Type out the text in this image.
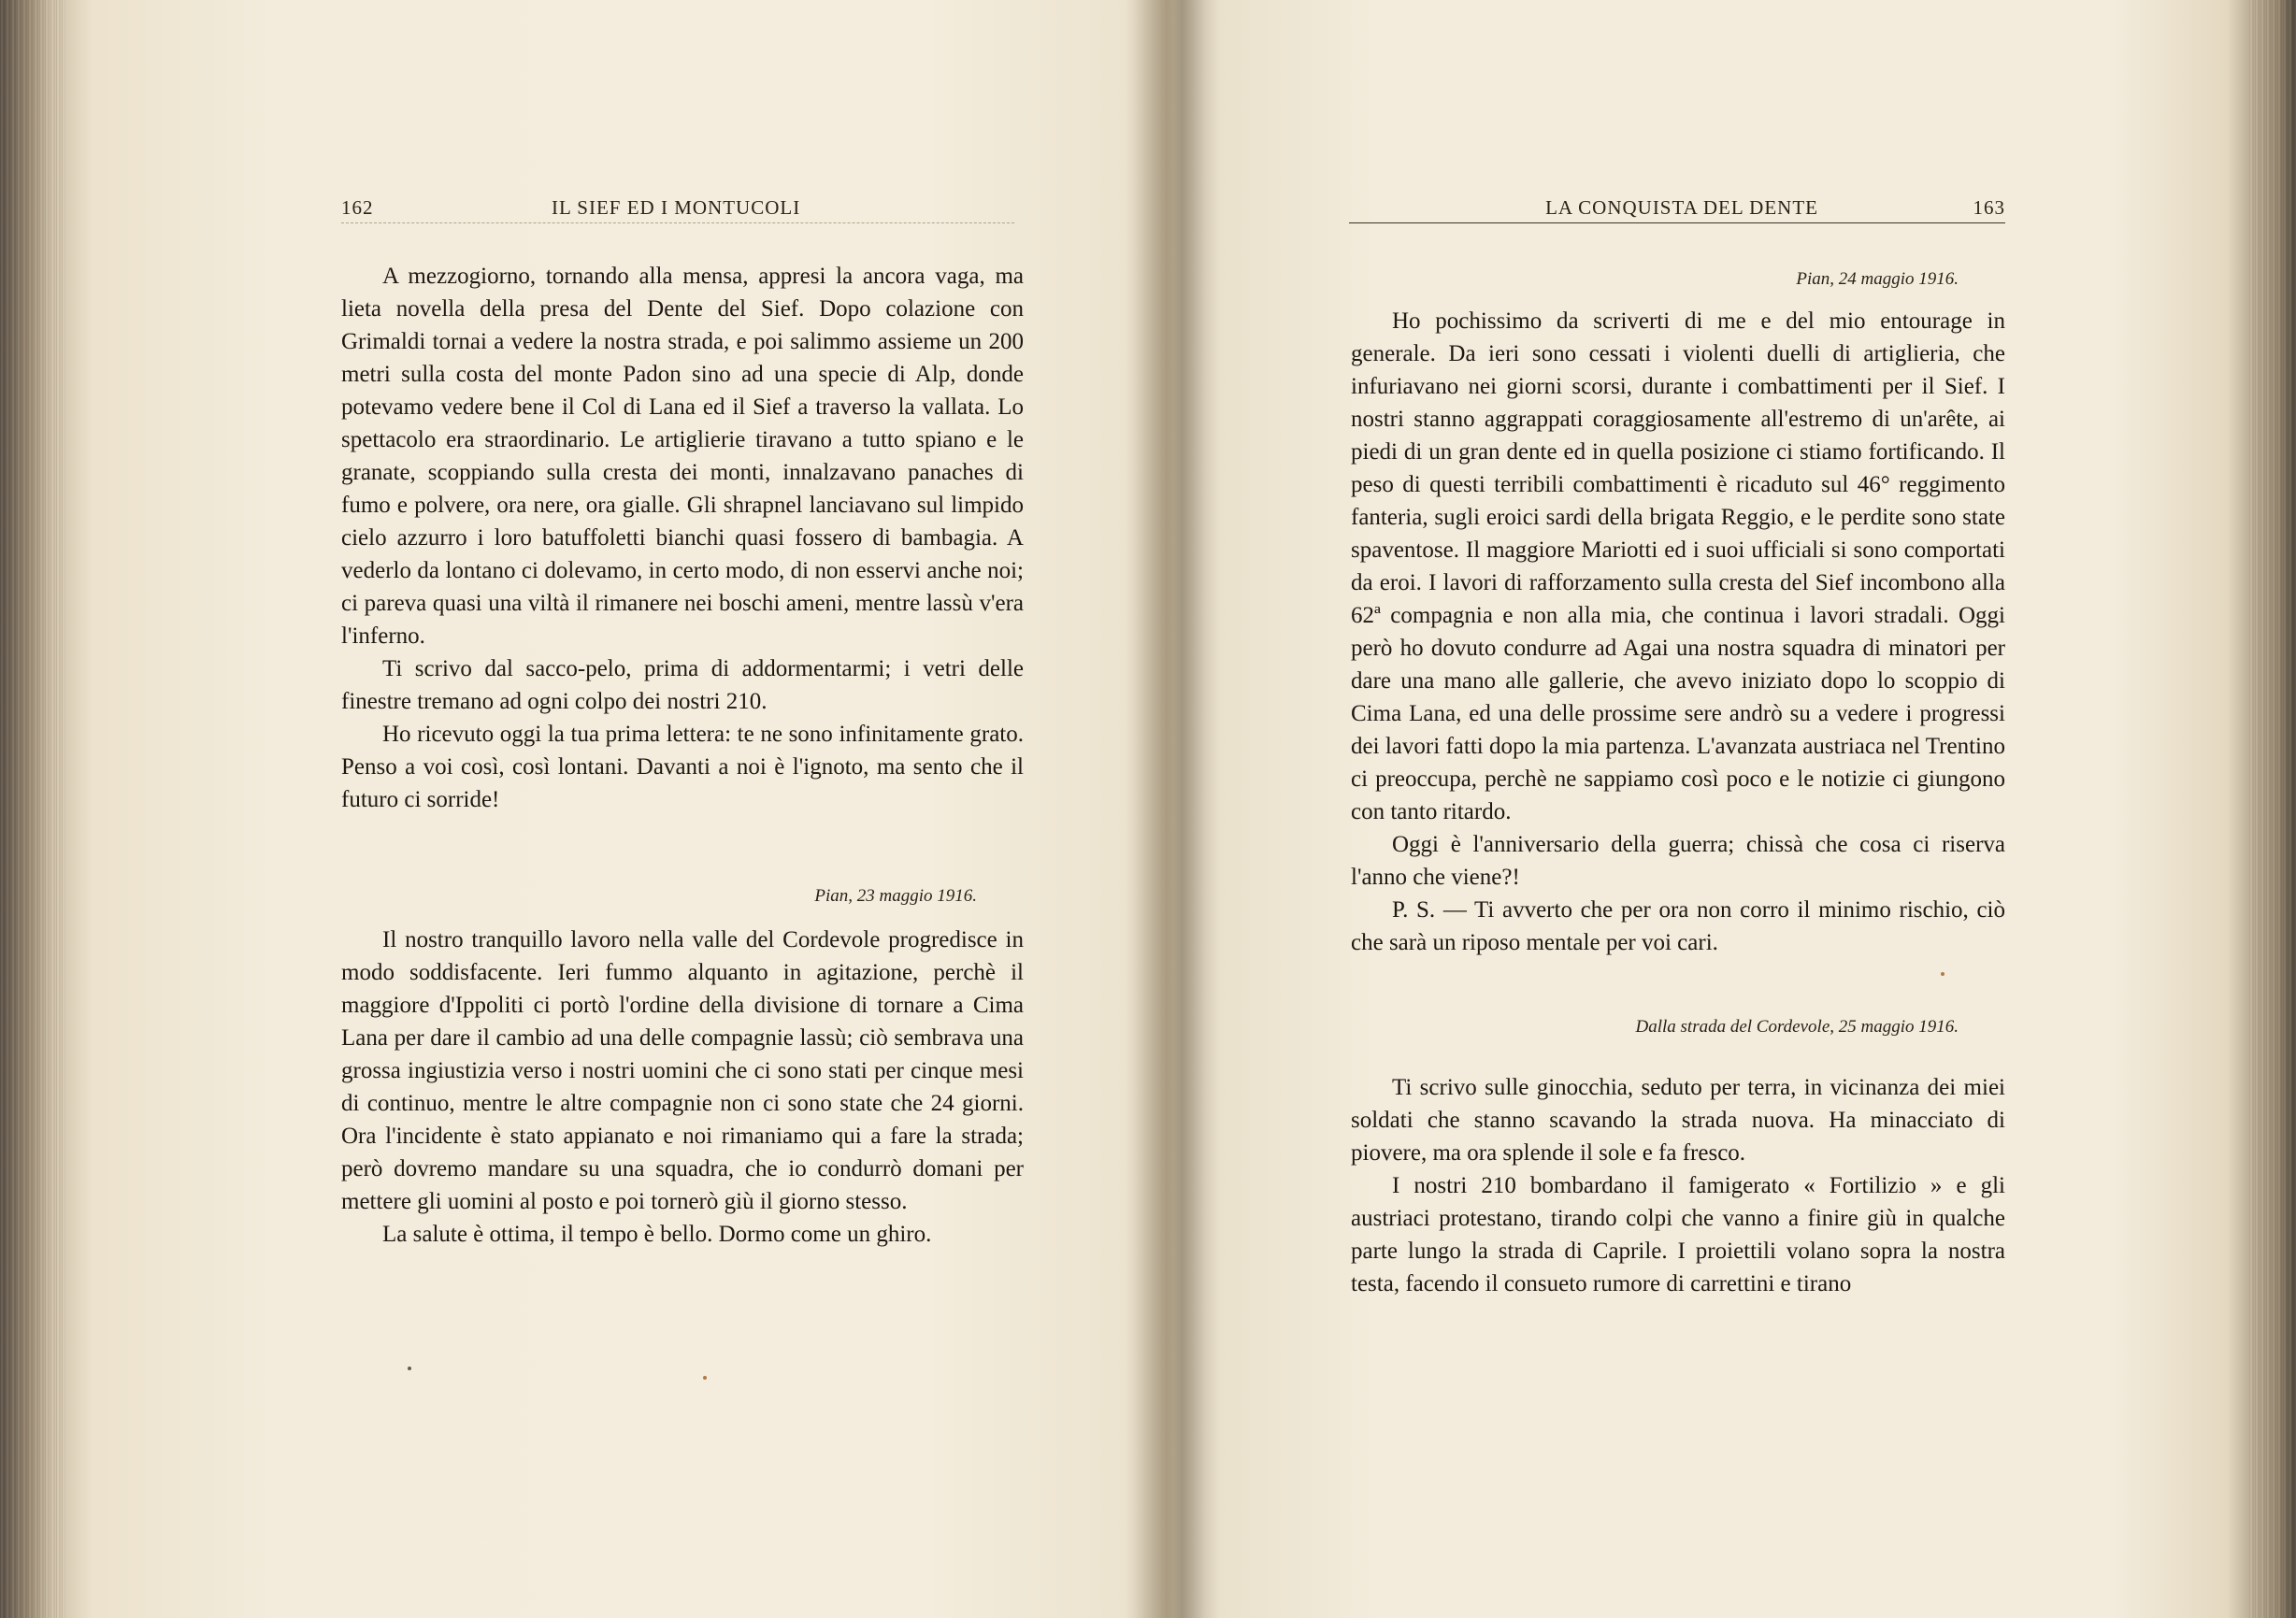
162	IL SIEF ED I MONTUCOLI

A mezzogiorno, tornando alla mensa, appresi la ancora vaga, ma lieta novella della presa del Dente del Sief. Dopo colazione con Grimaldi tornai a vedere la nostra strada, e poi salimmo assieme un 200 metri sulla costa del monte Padon sino ad una specie di Alp, donde potevamo vedere bene il Col di Lana ed il Sief a traverso la vallata. Lo spettacolo era straordinario. Le artiglierie tiravano a tutto spiano e le granate, scoppiando sulla cresta dei monti, innalzavano panaches di fumo e polvere, ora nere, ora gialle. Gli shrapnel lanciavano sul limpido cielo azzurro i loro batuffoletti bianchi quasi fossero di bambagia. A vederlo da lontano ci dolevamo, in certo modo, di non esservi anche noi; ci pareva quasi una viltà il rimanere nei boschi ameni, mentre lassù v'era l'inferno.

Ti scrivo dal sacco-pelo, prima di addormentarmi; i vetri delle finestre tremano ad ogni colpo dei nostri 210.

Ho ricevuto oggi la tua prima lettera: te ne sono infinitamente grato. Penso a voi così, così lontani. Davanti a noi è l'ignoto, ma sento che il futuro ci sorride!

Pian, 23 maggio 1916.

Il nostro tranquillo lavoro nella valle del Cordevole progredisce in modo soddisfacente. Ieri fummo alquanto in agitazione, perchè il maggiore d'Ippoliti ci portò l'ordine della divisione di tornare a Cima Lana per dare il cambio ad una delle compagnie lassù; ciò sembrava una grossa ingiustizia verso i nostri uomini che ci sono stati per cinque mesi di continuo, mentre le altre compagnie non ci sono state che 24 giorni. Ora l'incidente è stato appianato e noi rimaniamo qui a fare la strada; però dovremo mandare su una squadra, che io condurrò domani per mettere gli uomini al posto e poi tornerò giù il giorno stesso.

La salute è ottima, il tempo è bello. Dormo come un ghiro.

LA CONQUISTA DEL DENTE	163
Pian, 24 maggio 1916.

Ho pochissimo da scriverti di me e del mio entourage in generale. Da ieri sono cessati i violenti duelli di artiglieria, che infuriavano nei giorni scorsi, durante i combattimenti per il Sief. I nostri stanno aggrappati coraggiosamente all'estremo di un'arête, ai piedi di un gran dente ed in quella posizione ci stiamo fortificando. Il peso di questi terribili combattimenti è ricaduto sul 46° reggimento fanteria, sugli eroici sardi della brigata Reggio, e le perdite sono state spaventose. Il maggiore Mariotti ed i suoi ufficiali si sono comportati da eroi. I lavori di rafforzamento sulla cresta del Sief incombono alla 62ª compagnia e non alla mia, che continua i lavori stradali. Oggi però ho dovuto condurre ad Agai una nostra squadra di minatori per dare una mano alle gallerie, che avevo iniziato dopo lo scoppio di Cima Lana, ed una delle prossime sere andrò su a vedere i progressi dei lavori fatti dopo la mia partenza. L'avanzata austriaca nel Trentino ci preoccupa, perchè ne sappiamo così poco e le notizie ci giungono con tanto ritardo.

Oggi è l'anniversario della guerra; chissà che cosa ci riserva l'anno che viene?!

P. S. — Ti avverto che per ora non corro il minimo rischio, ciò che sarà un riposo mentale per voi cari.

Dalla strada del Cordevole, 25 maggio 1916.

Ti scrivo sulle ginocchia, seduto per terra, in vicinanza dei miei soldati che stanno scavando la strada nuova. Ha minacciato di piovere, ma ora splende il sole e fa fresco.

I nostri 210 bombardano il famigerato « Fortilizio » e gli austriaci protestano, tirando colpi che vanno a finire giù in qualche parte lungo la strada di Caprile. I proiettili volano sopra la nostra testa, facendo il consueto rumore di carrettini e tirano
